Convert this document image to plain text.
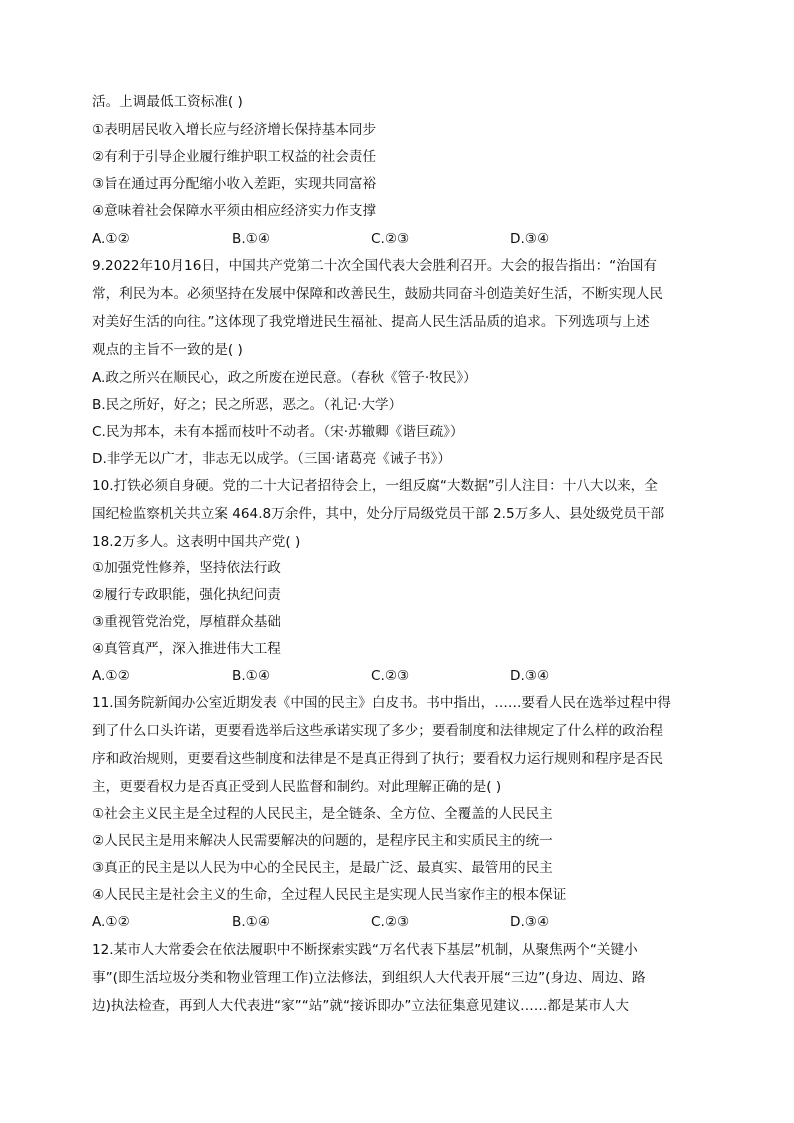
活。上调最低工资标准( )
①表明居民收入增长应与经济增长保持基本同步
②有利于引导企业履行维护职工权益的社会责任
③旨在通过再分配缩小收入差距，实现共同富裕
④意味着社会保障水平须由相应经济实力作支撑
A.①②	B.①④	C.②③	D.③④
9.2022年10月16日，中国共产党第二十次全国代表大会胜利召开。大会的报告指出：“治国有
常，利民为本。必须坚持在发展中保障和改善民生，鼓励共同奋斗创造美好生活，不断实现人民
对美好生活的向往。”这体现了我党增进民生福祉、提高人民生活品质的追求。下列选项与上述
观点的主旨不一致的是( )
A.政之所兴在顺民心，政之所废在逆民意。（春秋《管子·牧民》）
B.民之所好，好之；民之所恶，恶之。（礼记·大学）
C.民为邦本，未有本摇而枝叶不动者。（宋·苏辙卿《谐巨疏》）
D.非学无以广才，非志无以成学。（三国·诸葛亮《诫子书》）
10.打铁必须自身硬。党的二十大记者招待会上，一组反腐“大数据”引人注目：十八大以来，全
国纪检监察机关共立案 464.8万余件，其中，处分厅局级党员干部 2.5万多人、县处级党员干部
18.2万多人。这表明中国共产党( )
①加强党性修养，坚持依法行政
②履行专政职能，强化执纪问责
③重视管党治党，厚植群众基础
④真管真严，深入推进伟大工程
A.①②	B.①④	C.②③	D.③④
11.国务院新闻办公室近期发表《中国的民主》白皮书。书中指出，……要看人民在选举过程中得
到了什么口头许诺，更要看选举后这些承诺实现了多少；要看制度和法律规定了什么样的政治程
序和政治规则，更要看这些制度和法律是不是真正得到了执行；要看权力运行规则和程序是否民
主，更要看权力是否真正受到人民监督和制约。对此理解正确的是( )
①社会主义民主是全过程的人民民主，是全链条、全方位、全覆盖的人民民主
②人民民主是用来解决人民需要解决的问题的，是程序民主和实质民主的统一
③真正的民主是以人民为中心的全民民主，是最广泛、最真实、最管用的民主
④人民民主是社会主义的生命，全过程人民民主是实现人民当家作主的根本保证
A.①②	B.①④	C.②③	D.③④
12.某市人大常委会在依法履职中不断探索实践“万名代表下基层”机制，从聚焦两个“关键小
事”(即生活垃圾分类和物业管理工作)立法修法，到组织人大代表开展“三边”(身边、周边、路
边)执法检查，再到人大代表进“家”“站”就“接诉即办”立法征集意见建议……都是某市人大
